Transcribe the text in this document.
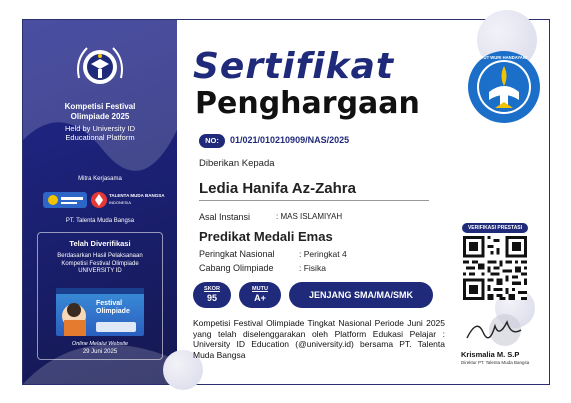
Kompetisi Festival
Olimpiade 2025
Held by University ID
Educational Platform
Mitra Kerjasama
TALENTA MUDA BANGSA
INDONESIA
PT. Talenta Muda Bangsa
Telah Diverifikasi
Berdasarkan Hasil Pelaksanaan Kompetisi Festival Olimpiade UNIVERSITY ID
Festival
Olimpiade
Online Melalui Website
29 Juni 2025
Sertifikat
Penghargaan
TUT WURI HANDAYANI
NO:	01/021/010210909/NAS/2025
Diberikan Kepada
Ledia Hanifa Az-Zahra
Asal Instansi	: MAS ISLAMIYAH
Predikat Medali Emas
Peringkat Nasional	: Peringkat 4
Cabang Olimpiade	: Fisika
SKOR
95
MUTU
A+	JENJANG SMA/MA/SMK
Kompetisi Festival Olimpiade Tingkat Nasional Periode Juni 2025 yang telah diselenggarakan oleh Platform Edukasi Pelajar : University ID Education (@university.id) bersama PT. Talenta Muda Bangsa
VERIFIKASI PRESTASI
Krismalia M. S.P
Direktur PT. Talenta Muda Bangsa
